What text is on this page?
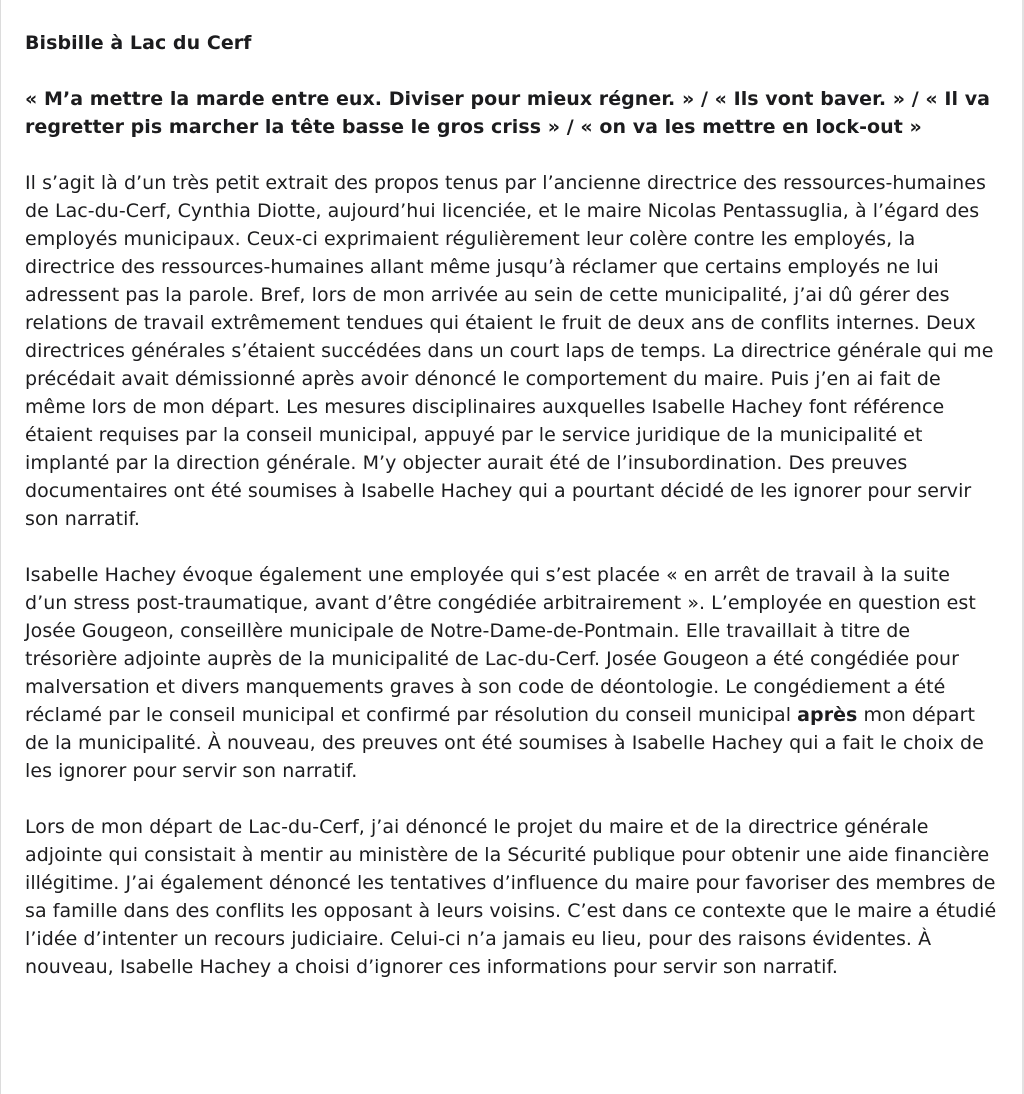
Bisbille à Lac du Cerf

« M’a mettre la marde entre eux. Diviser pour mieux régner. » / « Ils vont baver. » / « Il va regretter pis marcher la tête basse le gros criss » / « on va les mettre en lock-out »

Il s’agit là d’un très petit extrait des propos tenus par l’ancienne directrice des ressources-humaines de Lac-du-Cerf, Cynthia Diotte, aujourd’hui licenciée, et le maire Nicolas Pentassuglia, à l’égard des employés municipaux. Ceux-ci exprimaient régulièrement leur colère contre les employés, la directrice des ressources-humaines allant même jusqu’à réclamer que certains employés ne lui adressent pas la parole. Bref, lors de mon arrivée au sein de cette municipalité, j’ai dû gérer des relations de travail extrêmement tendues qui étaient le fruit de deux ans de conflits internes. Deux directrices générales s’étaient succédées dans un court laps de temps. La directrice générale qui me précédait avait démissionné après avoir dénoncé le comportement du maire. Puis j’en ai fait de même lors de mon départ. Les mesures disciplinaires auxquelles Isabelle Hachey font référence étaient requises par la conseil municipal, appuyé par le service juridique de la municipalité et implanté par la direction générale. M’y objecter aurait été de l’insubordination. Des preuves documentaires ont été soumises à Isabelle Hachey qui a pourtant décidé de les ignorer pour servir son narratif.

Isabelle Hachey évoque également une employée qui s’est placée « en arrêt de travail à la suite d’un stress post-traumatique, avant d’être congédiée arbitrairement ». L’employée en question est Josée Gougeon, conseillère municipale de Notre-Dame-de-Pontmain. Elle travaillait à titre de trésorière adjointe auprès de la municipalité de Lac-du-Cerf. Josée Gougeon a été congédiée pour malversation et divers manquements graves à son code de déontologie. Le congédiement a été réclamé par le conseil municipal et confirmé par résolution du conseil municipal après mon départ de la municipalité. À nouveau, des preuves ont été soumises à Isabelle Hachey qui a fait le choix de les ignorer pour servir son narratif.

Lors de mon départ de Lac-du-Cerf, j’ai dénoncé le projet du maire et de la directrice générale adjointe qui consistait à mentir au ministère de la Sécurité publique pour obtenir une aide financière illégitime. J’ai également dénoncé les tentatives d’influence du maire pour favoriser des membres de sa famille dans des conflits les opposant à leurs voisins. C’est dans ce contexte que le maire a étudié l’idée d’intenter un recours judiciaire. Celui-ci n’a jamais eu lieu, pour des raisons évidentes. À nouveau, Isabelle Hachey a choisi d’ignorer ces informations pour servir son narratif.
